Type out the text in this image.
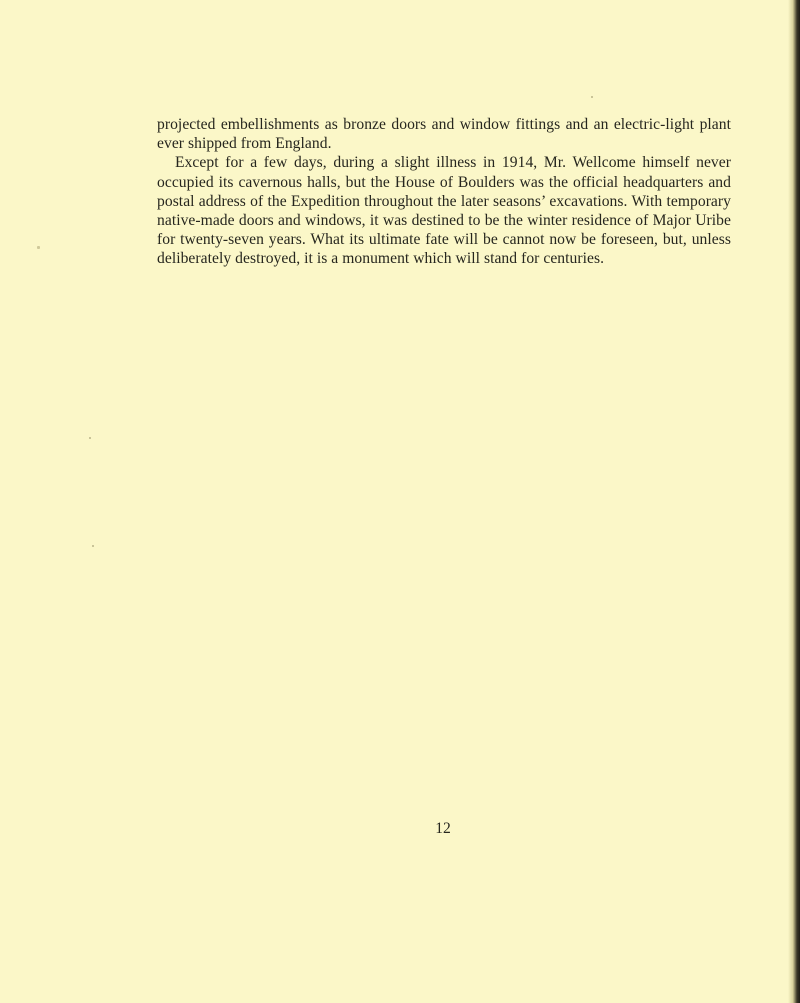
projected embellishments as bronze doors and window fittings and an electric-light plant ever shipped from England.

Except for a few days, during a slight illness in 1914, Mr. Wellcome himself never occupied its cavernous halls, but the House of Boulders was the official headquarters and postal address of the Expedition throughout the later seasons’ excavations. With temporary native-made doors and windows, it was destined to be the winter residence of Major Uribe for twenty-seven years. What its ultimate fate will be cannot now be foreseen, but, unless deliberately destroyed, it is a monument which will stand for centuries.

12
